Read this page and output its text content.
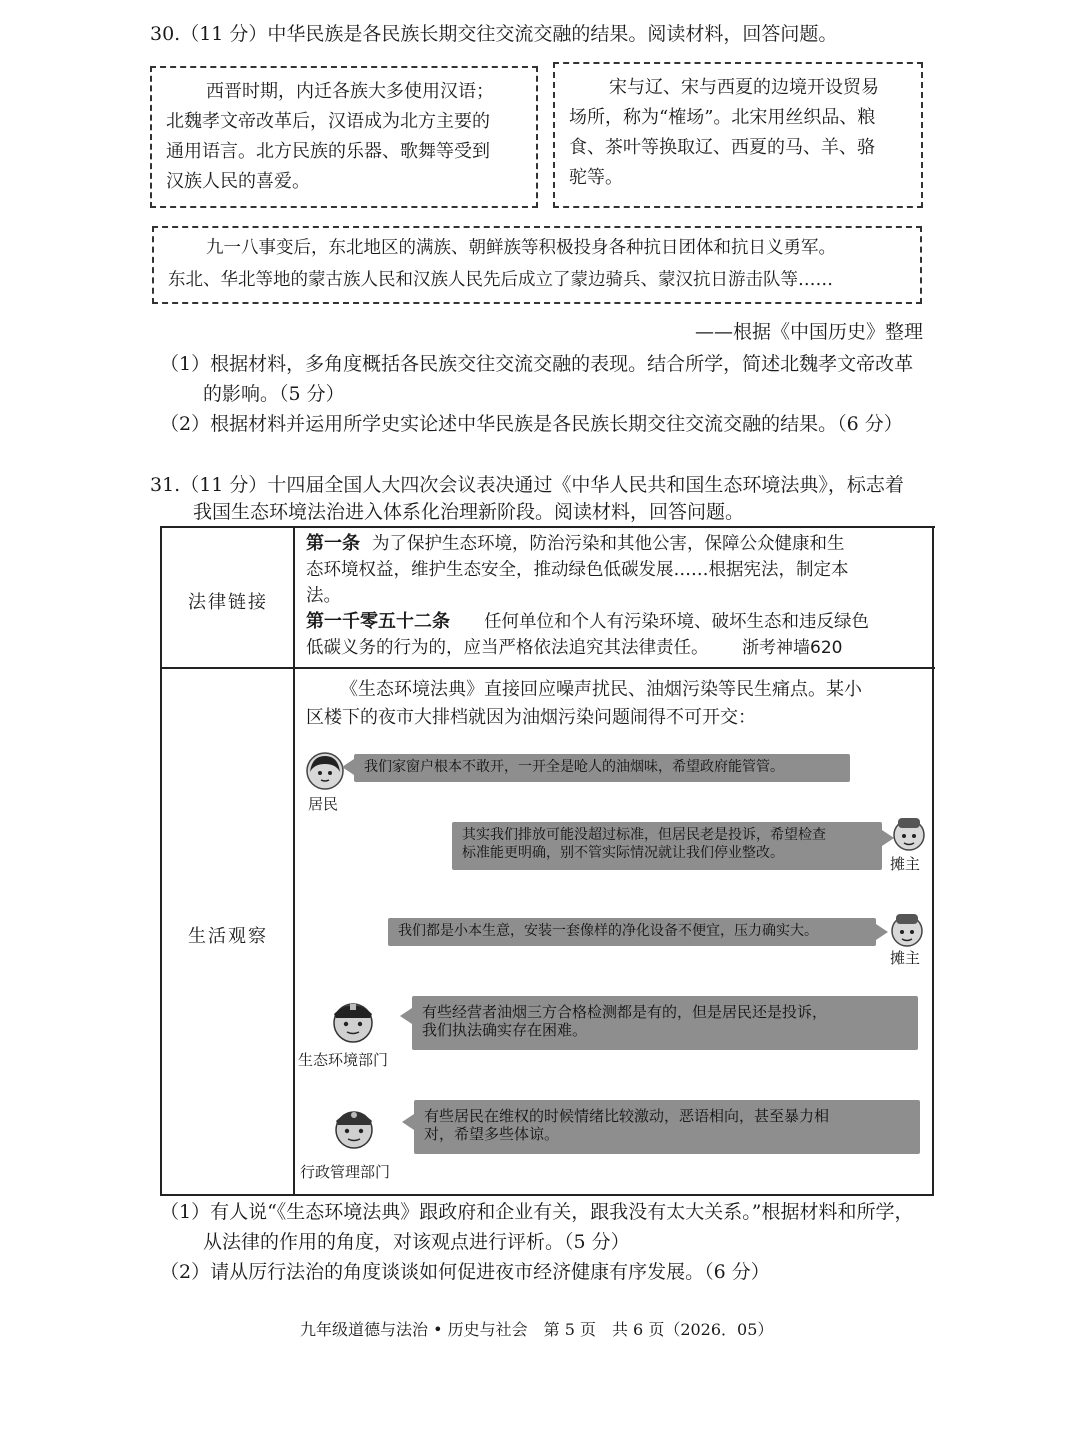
30.（11 分）中华民族是各民族长期交往交流交融的结果。阅读材料，回答问题。
西晋时期，内迁各族大多使用汉语；
北魏孝文帝改革后，汉语成为北方主要的
通用语言。北方民族的乐器、歌舞等受到
汉族人民的喜爱。
宋与辽、宋与西夏的边境开设贸易
场所，称为“榷场”。北宋用丝织品、粮
食、茶叶等换取辽、西夏的马、羊、骆
驼等。
九一八事变后，东北地区的满族、朝鲜族等积极投身各种抗日团体和抗日义勇军。
东北、华北等地的蒙古族人民和汉族人民先后成立了蒙边骑兵、蒙汉抗日游击队等……
——根据《中国历史》整理
（1）根据材料，多角度概括各民族交往交流交融的表现。结合所学，简述北魏孝文帝改革
的影响。（5 分）
（2）根据材料并运用所学史实论述中华民族是各民族长期交往交流交融的结果。（6 分）
31.（11 分）十四届全国人大四次会议表决通过《中华人民共和国生态环境法典》，标志着
我国生态环境法治进入体系化治理新阶段。阅读材料，回答问题。
法律链接
生活观察
第一条 为了保护生态环境，防治污染和其他公害，保障公众健康和生
态环境权益，维护生态安全，推动绿色低碳发展……根据宪法，制定本
法。
第一千零五十二条 任何单位和个人有污染环境、破坏生态和违反绿色
低碳义务的行为的，应当严格依法追究其法律责任。 浙考神墙620
《生态环境法典》直接回应噪声扰民、油烟污染等民生痛点。某小
区楼下的夜市大排档就因为油烟污染问题闹得不可开交：
居民
我们家窗户根本不敢开，一开全是呛人的油烟味，希望政府能管管。
其实我们排放可能没超过标准，但居民老是投诉，希望检查
标准能更明确，别不管实际情况就让我们停业整改。
摊主
我们都是小本生意，安装一套像样的净化设备不便宜，压力确实大。
摊主
生态环境部门
有些经营者油烟三方合格检测都是有的，但是居民还是投诉，
我们执法确实存在困难。
行政管理部门
有些居民在维权的时候情绪比较激动，恶语相向，甚至暴力相
对，希望多些体谅。
（1）有人说“《生态环境法典》跟政府和企业有关，跟我没有太大关系。”根据材料和所学，
从法律的作用的角度，对该观点进行评析。（5 分）
（2）请从厉行法治的角度谈谈如何促进夜市经济健康有序发展。（6 分）
九年级道德与法治 • 历史与社会　第 5 页　共 6 页（2026．05）
